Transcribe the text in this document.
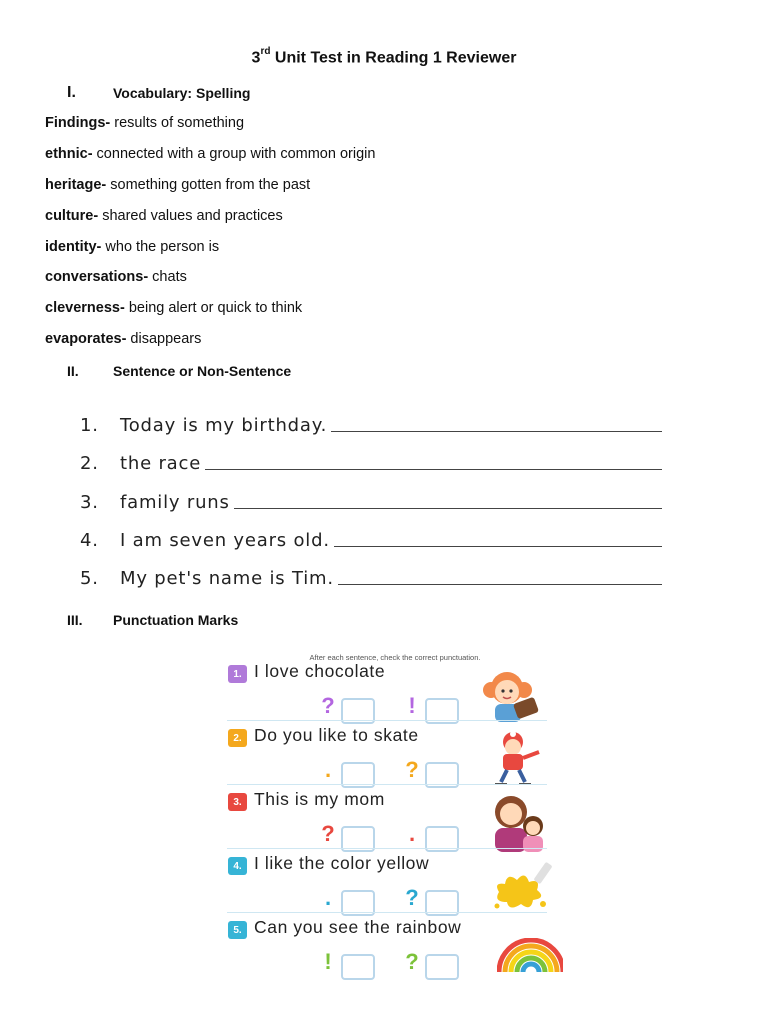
3rd Unit Test in Reading 1 Reviewer
I.	Vocabulary: Spelling
Findings- results of something
ethnic- connected with a group with common origin
heritage- something gotten from the past
culture- shared values and practices
identity- who the person is
conversations- chats
cleverness- being alert or quick to think
evaporates- disappears
II. Sentence or Non-Sentence
1.	Today is my birthday.
2.	the race
3.	family runs
4.	I am seven years old.
5.	My pet's name is Tim.
III. Punctuation Marks
After each sentence, check the correct punctuation.
1. I love chocolate
?	!
2. Do you like to skate
.	?
3. This is my mom
?	.
4. I like the color yellow
.	?
5. Can you see the rainbow
!	?
